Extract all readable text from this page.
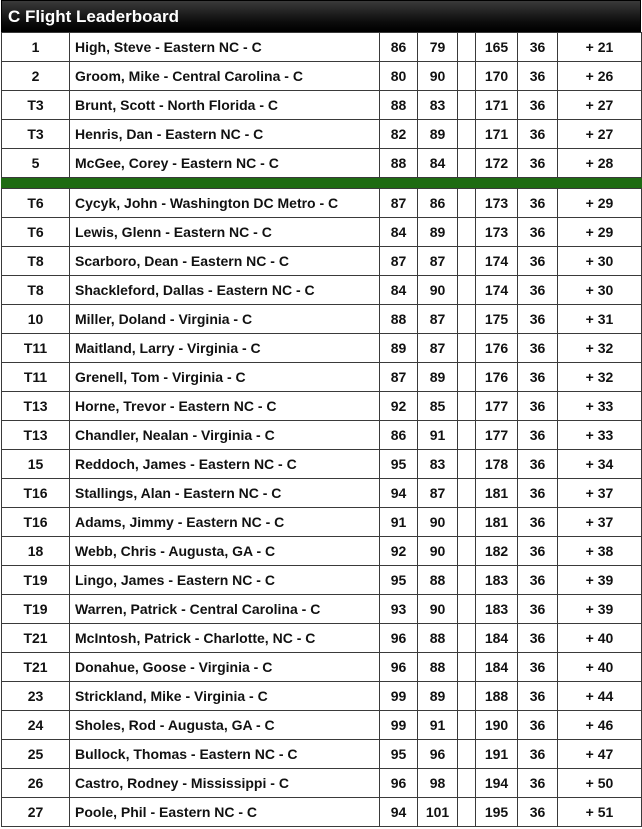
C Flight Leaderboard
1	High, Steve - Eastern NC - C	86	79		165	36	+ 21
2	Groom, Mike - Central Carolina - C	80	90		170	36	+ 26
T3	Brunt, Scott - North Florida - C	88	83		171	36	+ 27
T3	Henris, Dan - Eastern NC - C	82	89		171	36	+ 27
5	McGee, Corey - Eastern NC - C	88	84		172	36	+ 28

T6	Cycyk, John - Washington DC Metro - C	87	86		173	36	+ 29
T6	Lewis, Glenn - Eastern NC - C	84	89		173	36	+ 29
T8	Scarboro, Dean - Eastern NC - C	87	87		174	36	+ 30
T8	Shackleford, Dallas - Eastern NC - C	84	90		174	36	+ 30
10	Miller, Doland - Virginia - C	88	87		175	36	+ 31
T11	Maitland, Larry - Virginia - C	89	87		176	36	+ 32
T11	Grenell, Tom - Virginia - C	87	89		176	36	+ 32
T13	Horne, Trevor - Eastern NC - C	92	85		177	36	+ 33
T13	Chandler, Nealan - Virginia - C	86	91		177	36	+ 33
15	Reddoch, James - Eastern NC - C	95	83		178	36	+ 34
T16	Stallings, Alan - Eastern NC - C	94	87		181	36	+ 37
T16	Adams, Jimmy - Eastern NC - C	91	90		181	36	+ 37
18	Webb, Chris - Augusta, GA - C	92	90		182	36	+ 38
T19	Lingo, James - Eastern NC - C	95	88		183	36	+ 39
T19	Warren, Patrick - Central Carolina - C	93	90		183	36	+ 39
T21	McIntosh, Patrick - Charlotte, NC - C	96	88		184	36	+ 40
T21	Donahue, Goose - Virginia - C	96	88		184	36	+ 40
23	Strickland, Mike - Virginia - C	99	89		188	36	+ 44
24	Sholes, Rod - Augusta, GA - C	99	91		190	36	+ 46
25	Bullock, Thomas - Eastern NC - C	95	96		191	36	+ 47
26	Castro, Rodney - Mississippi - C	96	98		194	36	+ 50
27	Poole, Phil - Eastern NC - C	94	101		195	36	+ 51
